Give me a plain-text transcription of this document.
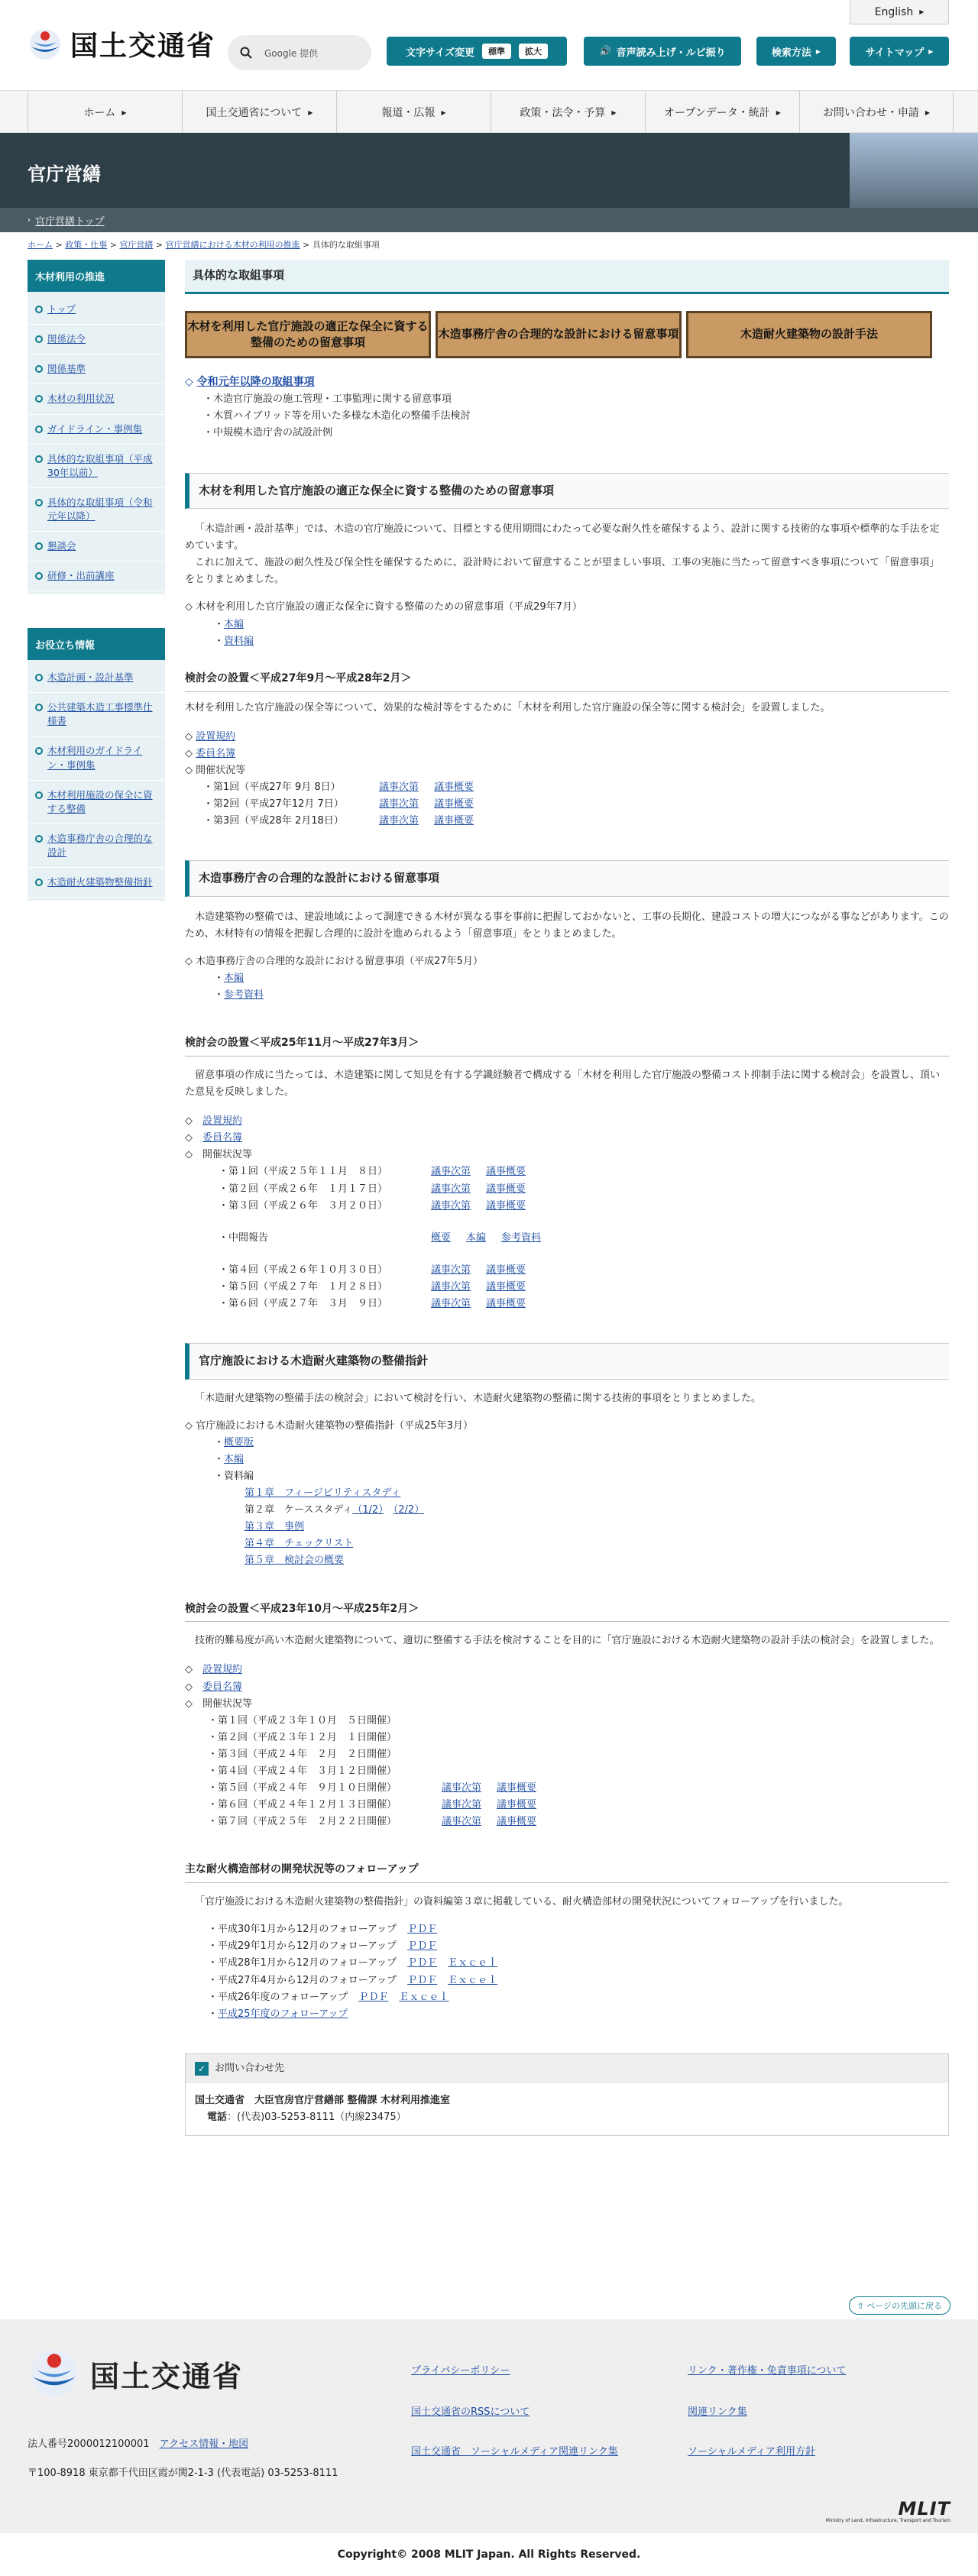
国土交通省
English ▶
Google 提供	文字サイズ変更	標準	拡大	🔊 音声読み上げ・ルビ振り	検索方法 ▶	サイトマップ ▶
ホーム ▶	国土交通省について ▶	報道・広報 ▶	政策・法令・予算 ▶	オープンデータ・統計 ▶	お問い合わせ・申請 ▶
官庁営繕
› 官庁営繕トップ
ホーム > 政策・仕事 > 官庁営繕 > 官庁営繕における木材の利用の推進 > 具体的な取組事項
木材利用の推進
トップ
関係法令
関係基準
木材の利用状況
ガイドライン・事例集
具体的な取組事項（平成30年以前）
具体的な取組事項（令和元年以降）
懇談会
研修・出前講座
お役立ち情報
木造計画・設計基準
公共建築木造工事標準仕様書
木材利用のガイドライン・事例集
木材利用施設の保全に資する整備
木造事務庁舎の合理的な設計
木造耐火建築物整備指針
具体的な取組事項
木材を利用した官庁施設の適正な保全に資する整備のための留意事項
木造事務庁舎の合理的な設計における留意事項	木造耐火建築物の設計手法
◇ 令和元年以降の取組事項
・木造官庁施設の施工管理・工事監理に関する留意事項
・木質ハイブリッド等を用いた多様な木造化の整備手法検討
・中規模木造庁舎の試設計例
木材を利用した官庁施設の適正な保全に資する整備のための留意事項

「木造計画・設計基準」では、木造の官庁施設について、目標とする使用期間にわたって必要な耐久性を確保するよう、設計に関する技術的な事項や標準的な手法を定めています。

これに加えて、施設の耐久性及び保全性を確保するために、設計時において留意することが望ましい事項、工事の実施に当たって留意すべき事項について「留意事項」をとりまとめました。

◇ 木材を利用した官庁施設の適正な保全に資する整備のための留意事項（平成29年7月）

・本編
・資料編
検討会の設置＜平成27年9月～平成28年2月＞

木材を利用した官庁施設の保全等について、効果的な検討等をするために「木材を利用した官庁施設の保全等に関する検討会」を設置しました。

◇ 設置規約
◇ 委員名簿
◇ 開催状況等
・第1回（平成27年 9月 8日）	議事次第 議事概要
・第2回（平成27年12月 7日）	議事次第 議事概要
・第3回（平成28年 2月18日）	議事次第 議事概要
木造事務庁舎の合理的な設計における留意事項

木造建築物の整備では、建設地域によって調達できる木材が異なる事を事前に把握しておかないと、工事の長期化、建設コストの増大につながる事などがあります。このため、木材特有の情報を把握し合理的に設計を進められるよう「留意事項」をとりまとめました。

◇ 木造事務庁舎の合理的な設計における留意事項（平成27年5月）

・本編
・参考資料
検討会の設置＜平成25年11月～平成27年3月＞

留意事項の作成に当たっては、木造建築に関して知見を有する学識経験者で構成する「木材を利用した官庁施設の整備コスト抑制手法に関する検討会」を設置し、頂いた意見を反映しました。

◇　設置規約
◇　委員名簿
◇　開催状況等
・第１回（平成２５年１１月　８日）	議事次第 議事概要
・第２回（平成２６年　１月１７日）	議事次第 議事概要
・第３回（平成２６年　３月２０日）	議事次第 議事概要
・中間報告	概要 本編 参考資料
・第４回（平成２６年１０月３０日）	議事次第 議事概要
・第５回（平成２７年　１月２８日）	議事次第 議事概要
・第６回（平成２７年　３月　９日）	議事次第 議事概要
官庁施設における木造耐火建築物の整備指針

「木造耐火建築物の整備手法の検討会」において検討を行い、木造耐火建築物の整備に関する技術的事項をとりまとめました。

◇ 官庁施設における木造耐火建築物の整備指針（平成25年3月）

・概要版
・本編
・資料編
第１章　フィージビリティスタディ
第２章　ケーススタディ（1/2）　 （2/2）
第３章　事例
第４章　チェックリスト
第５章　検討会の概要
検討会の設置＜平成23年10月～平成25年2月＞

技術的難易度が高い木造耐火建築物について、適切に整備する手法を検討することを目的に「官庁施設における木造耐火建築物の設計手法の検討会」を設置しました。

◇　設置規約
◇　委員名簿
◇　開催状況等
・第１回（平成２３年１０月　５日開催）
・第２回（平成２３年１２月　１日開催）
・第３回（平成２４年　２月　２日開催）
・第４回（平成２４年　３月１２日開催）
・第５回（平成２４年　９月１０日開催）	議事次第 議事概要
・第６回（平成２４年１２月１３日開催）	議事次第 議事概要
・第７回（平成２５年　２月２２日開催）	議事次第 議事概要
主な耐火構造部材の開発状況等のフォローアップ

「官庁施設における木造耐火建築物の整備指針」の資料編第３章に掲載している、耐火構造部材の開発状況についてフォローアップを行いました。

・平成30年1月から12月のフォローアップ ＰＤＦ
・平成29年1月から12月のフォローアップ ＰＤＦ
・平成28年1月から12月のフォローアップ ＰＤＦ Ｅｘｃｅｌ
・平成27年4月から12月のフォローアップ ＰＤＦ Ｅｘｃｅｌ
・平成26年度のフォローアップ ＰＤＦ Ｅｘｃｅｌ
・平成25年度のフォローアップ
✓ お問い合わせ先
国土交通省　大臣官房官庁営繕部 整備課 木材利用推進室
電話：(代表)03-5253-8111（内線23475）
⇧ ページの先頭に戻る
国土交通省
法人番号2000012100001　 アクセス情報・地図
〒100-8918 東京都千代田区霞が関2-1-3 (代表電話) 03-5253-8111
プライバシーポリシー	リンク・著作権・免責事項について
国土交通省のRSSについて	関連リンク集
国土交通省　ソーシャルメディア関連リンク集	ソーシャルメディア利用方針
MLIT
Ministry of Land, Infrastructure, Transport and Tourism
Copyright© 2008 MLIT Japan. All Rights Reserved.
